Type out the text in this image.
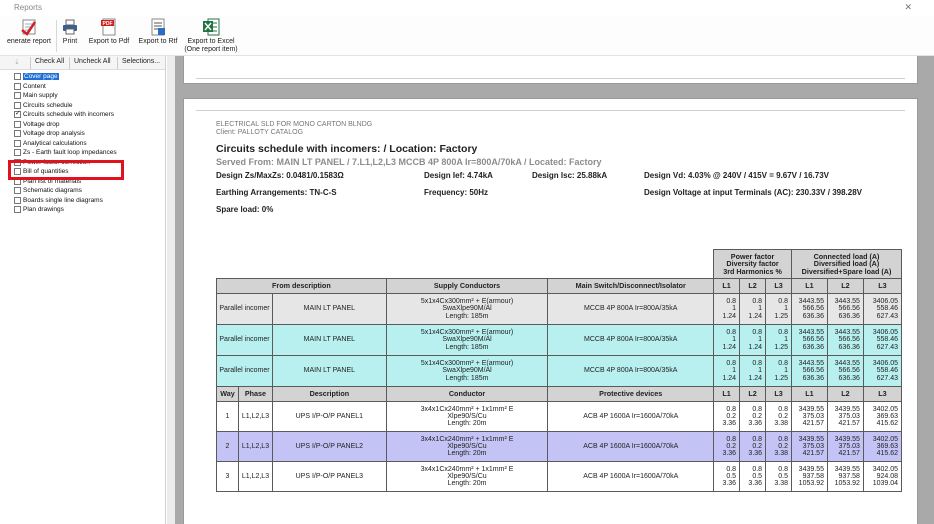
Reports	✕
enerate report	Print
PDF
Export to Pdf	Export to Rtf	Export to Excel
(One report item)
⇣ Check All Uncheck All Selections...
Cover page
Content
Main supply
Circuits schedule
✓
Circuits schedule with incomers
Voltage drop
Voltage drop analysis
Analytical calculations
Zs - Earth fault loop impedances
Power factor correction
Bill of quantities
Plan list of materials
Schematic diagrams
Boards single line diagrams
Plan drawings
ELECTRICAL SLD FOR MONO CARTON BLNDG
Client: PALLOTY CATALOG
Circuits schedule with incomers: / Location: Factory
Served From: MAIN LT PANEL / 7.L1,L2,L3 MCCB 4P 800A Ir=800A/70kA / Located: Factory
Design Zs/MaxZs: 0.0481/0.1583Ω	Design Ief: 4.74kA	Design Isc: 25.88kA	Design Vd: 4.03% @ 240V / 415V = 9.67V / 16.73V
Earthing Arrangements: TN-C-S	Frequency: 50Hz	Design Voltage at input Terminals (AC): 230.33V / 398.28V
Spare load: 0%
					Power factor
Diversity factor
3rd Harmonics %			Connected load (A)
Diversified load (A)
Diversified+Spare load (A)		
From description			Supply Conductors	Main Switch/Disconnect/Isolator	L1	L2	L3	L1	L2	L3
Parallel incomer		MAIN LT PANEL	5x1x4Cx300mm² + E(armour)
SwaXlpe90M/Al
Length: 185m	MCCB 4P 800A Ir=800A/35kA	0.8
1
1.24	0.8
1
1.24	0.8
1
1.25	3443.55
566.56
636.36	3443.55
566.56
636.36	3406.05
558.46
627.43
Parallel incomer		MAIN LT PANEL	5x1x4Cx300mm² + E(armour)
SwaXlpe90M/Al
Length: 185m	MCCB 4P 800A Ir=800A/35kA	0.8
1
1.24	0.8
1
1.24	0.8
1
1.25	3443.55
566.56
636.36	3443.55
566.56
636.36	3406.05
558.46
627.43
Parallel incomer		MAIN LT PANEL	5x1x4Cx300mm² + E(armour)
SwaXlpe90M/Al
Length: 185m	MCCB 4P 800A Ir=800A/35kA	0.8
1
1.24	0.8
1
1.24	0.8
1
1.25	3443.55
566.56
636.36	3443.55
566.56
636.36	3406.05
558.46
627.43
Way	Phase	Description	Conductor	Protective devices	L1	L2	L3	L1	L2	L3
1	L1,L2,L3	UPS I/P-O/P PANEL1	3x4x1Cx240mm² + 1x1mm² E
Xlpe90/S/Cu
Length: 20m	ACB 4P 1600A Ir=1600A/70kA	0.8
0.2
3.36	0.8
0.2
3.36	0.8
0.2
3.38	3439.55
375.03
421.57	3439.55
375.03
421.57	3402.05
369.63
415.62
2	L1,L2,L3	UPS I/P-O/P PANEL2	3x4x1Cx240mm² + 1x1mm² E
Xlpe90/S/Cu
Length: 20m	ACB 4P 1600A Ir=1600A/70kA	0.8
0.2
3.36	0.8
0.2
3.36	0.8
0.2
3.38	3439.55
375.03
421.57	3439.55
375.03
421.57	3402.05
369.63
415.62
3	L1,L2,L3	UPS I/P-O/P PANEL3	3x4x1Cx240mm² + 1x1mm² E
Xlpe90/S/Cu
Length: 20m	ACB 4P 1600A Ir=1600A/70kA	0.8
0.5
3.36	0.8
0.5
3.36	0.8
0.5
3.38	3439.55
937.58
1053.92	3439.55
937.58
1053.92	3402.05
924.08
1039.04
